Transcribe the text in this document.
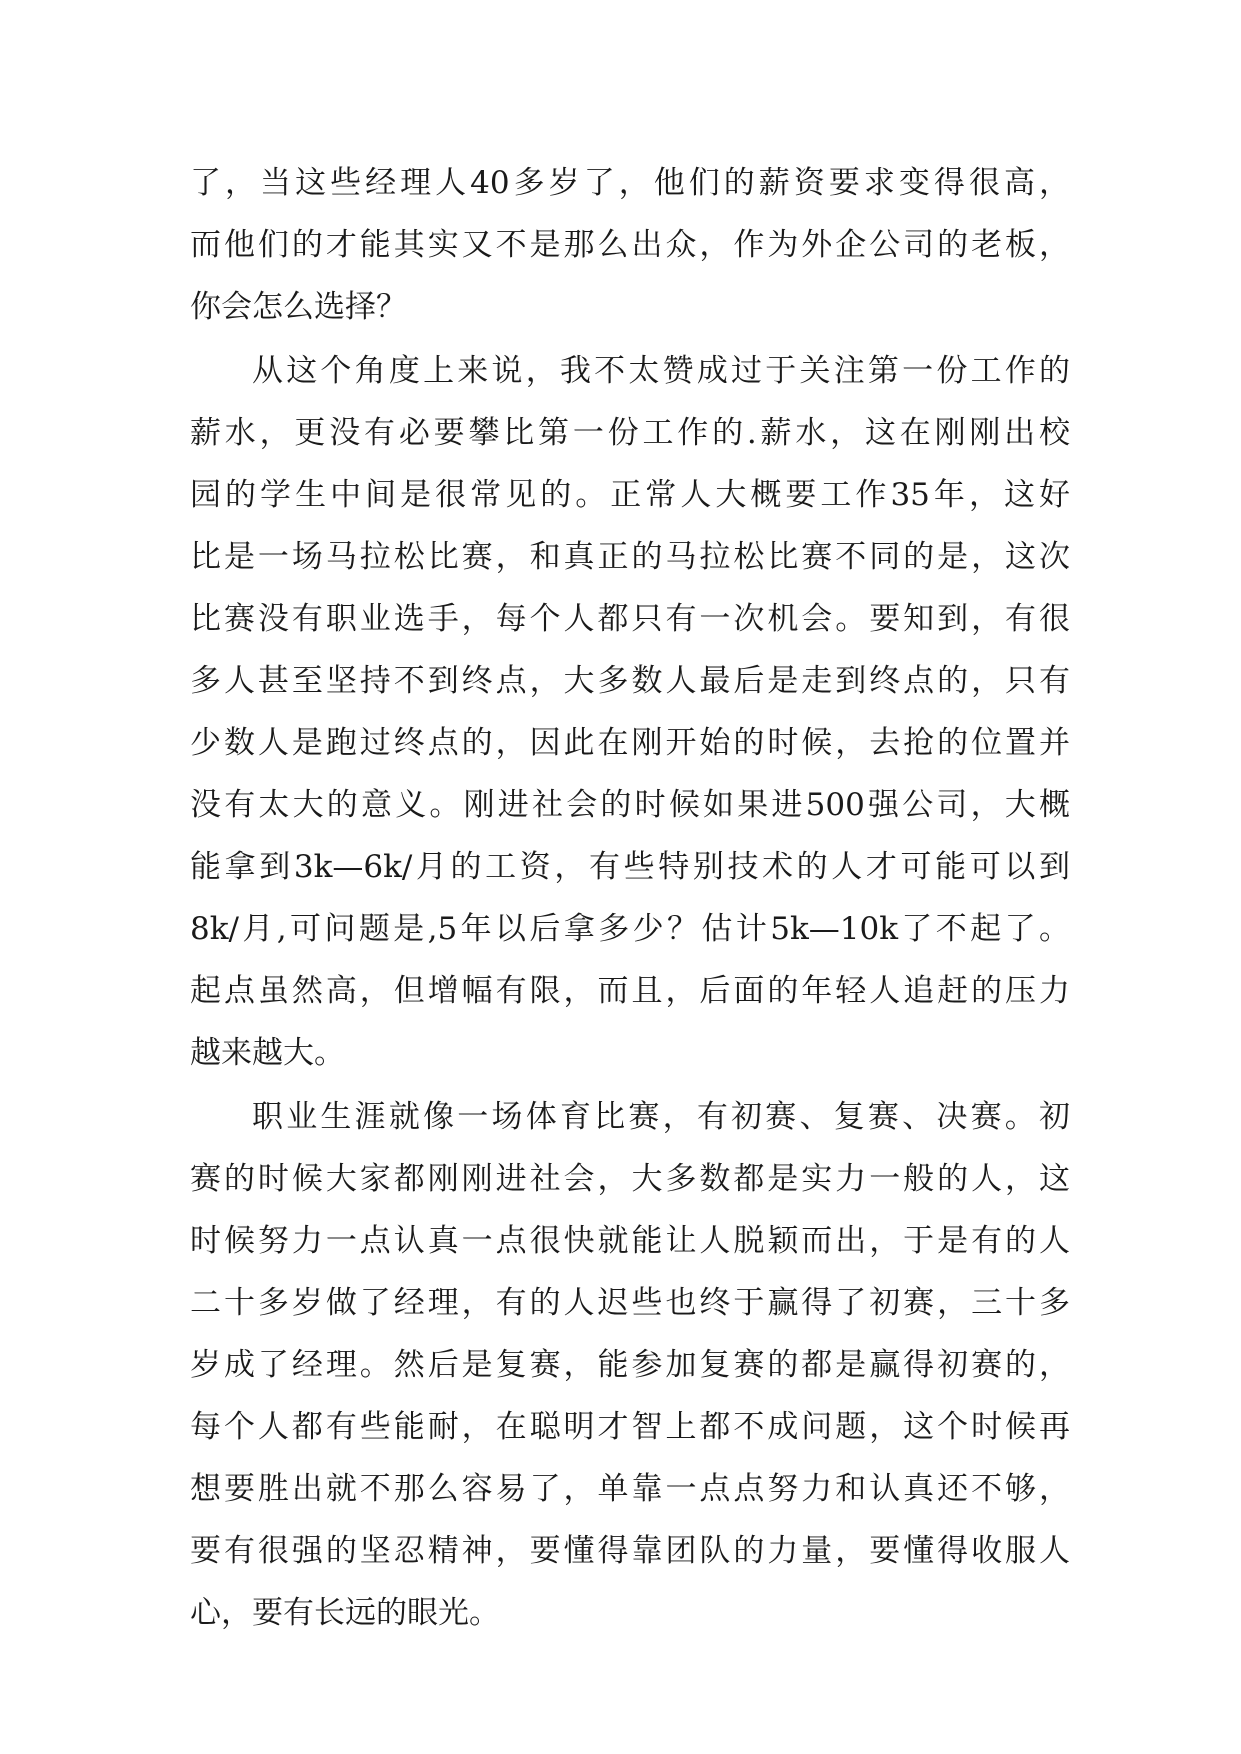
了，当这些经理人40多岁了，他们的薪资要求变得很高，
而他们的才能其实又不是那么出众，作为外企公司的老板，
你会怎么选择？
从这个角度上来说，我不太赞成过于关注第一份工作的
薪水，更没有必要攀比第一份工作的.薪水，这在刚刚出校
园的学生中间是很常见的。正常人大概要工作35年，这好
比是一场马拉松比赛，和真正的马拉松比赛不同的是，这次
比赛没有职业选手，每个人都只有一次机会。要知到，有很
多人甚至坚持不到终点，大多数人最后是走到终点的，只有
少数人是跑过终点的，因此在刚开始的时候，去抢的位置并
没有太大的意义。刚进社会的时候如果进500强公司，大概
能拿到3k—6k/月的工资，有些特别技术的人才可能可以到
8k/月,可问题是,5年以后拿多少？估计5k—10k了不起了。
起点虽然高，但增幅有限，而且，后面的年轻人追赶的压力
越来越大。
职业生涯就像一场体育比赛，有初赛、复赛、决赛。初
赛的时候大家都刚刚进社会，大多数都是实力一般的人，这
时候努力一点认真一点很快就能让人脱颖而出，于是有的人
二十多岁做了经理，有的人迟些也终于赢得了初赛，三十多
岁成了经理。然后是复赛，能参加复赛的都是赢得初赛的，
每个人都有些能耐，在聪明才智上都不成问题，这个时候再
想要胜出就不那么容易了，单靠一点点努力和认真还不够，
要有很强的坚忍精神，要懂得靠团队的力量，要懂得收服人
心，要有长远的眼光。
